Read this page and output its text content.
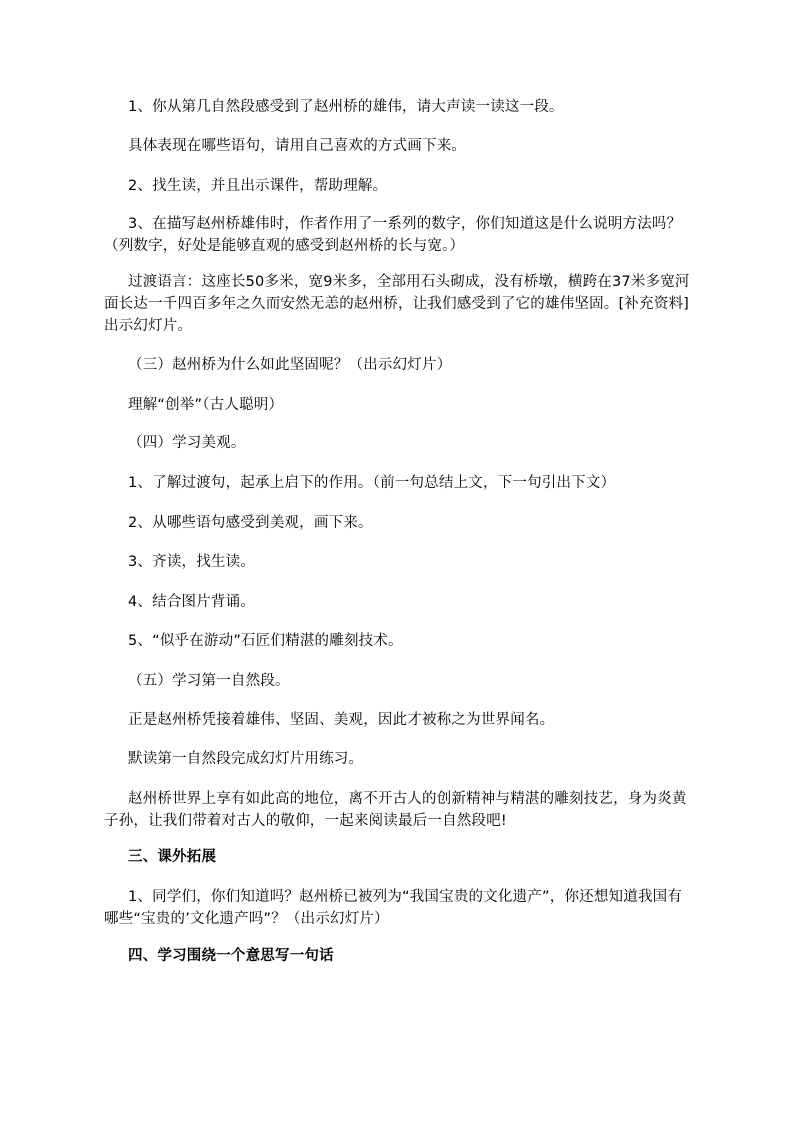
1、你从第几自然段感受到了赵州桥的雄伟，请大声读一读这一段。

具体表现在哪些语句，请用自己喜欢的方式画下来。

2、找生读，并且出示课件，帮助理解。

3、在描写赵州桥雄伟时，作者作用了一系列的数字，你们知道这是什么说明方法吗？（列数字，好处是能够直观的感受到赵州桥的长与宽。）

过渡语言：这座长50多米，宽9米多，全部用石头砌成，没有桥墩，横跨在37米多宽河面长达一千四百多年之久而安然无恙的赵州桥，让我们感受到了它的雄伟坚固。[补充资料]出示幻灯片。

（三）赵州桥为什么如此坚固呢？（出示幻灯片）

理解“创举”（古人聪明）

（四）学习美观。

1、了解过渡句，起承上启下的作用。（前一句总结上文，下一句引出下文）

2、从哪些语句感受到美观，画下来。

3、齐读，找生读。

4、结合图片背诵。

5、“似乎在游动”石匠们精湛的雕刻技术。

（五）学习第一自然段。

正是赵州桥凭接着雄伟、坚固、美观，因此才被称之为世界闻名。

默读第一自然段完成幻灯片用练习。

赵州桥世界上享有如此高的地位，离不开古人的创新精神与精湛的雕刻技艺，身为炎黄子孙，让我们带着对古人的敬仰，一起来阅读最后一自然段吧!

三、课外拓展

1、同学们，你们知道吗？赵州桥已被列为“我国宝贵的文化遗产”，你还想知道我国有哪些“宝贵的’文化遗产吗”？（出示幻灯片）

四、学习围绕一个意思写一句话
